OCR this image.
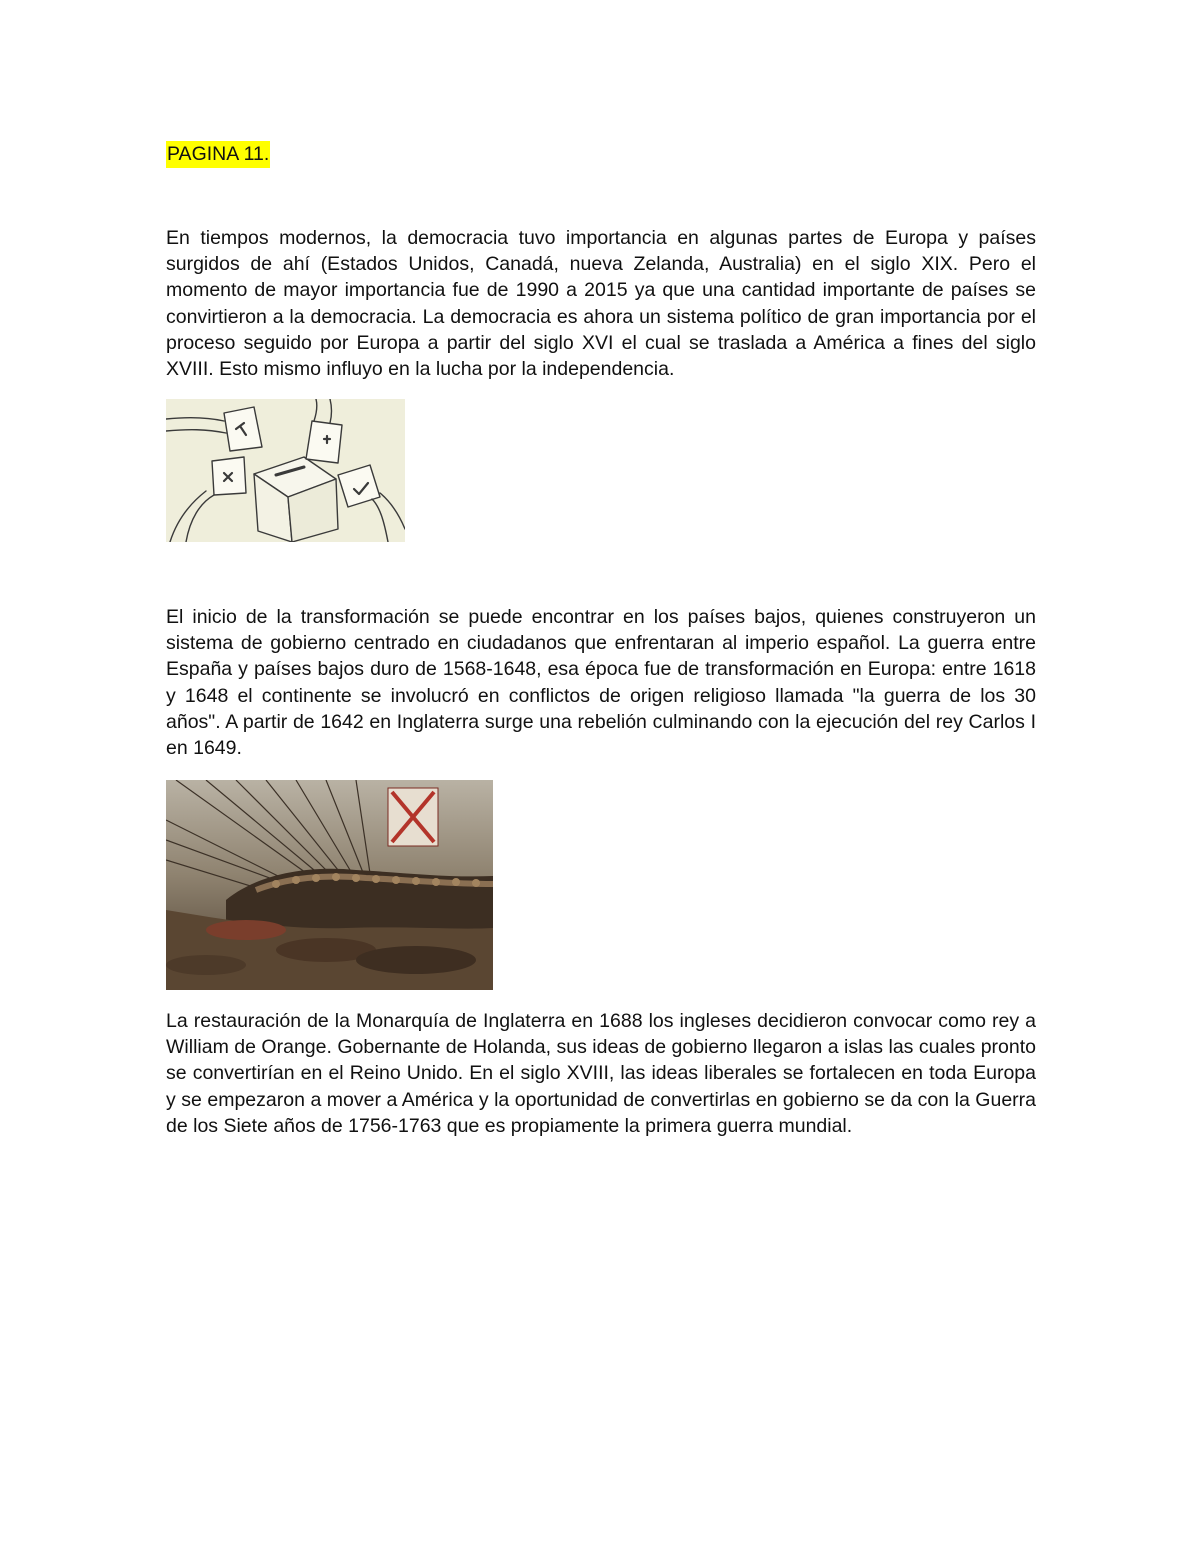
PAGINA 11.

En tiempos modernos, la democracia tuvo importancia en algunas partes de Europa y países surgidos de ahí (Estados Unidos, Canadá, nueva Zelanda, Australia) en el siglo XIX. Pero el momento de mayor importancia fue de 1990 a 2015 ya que una cantidad importante de países se convirtieron a la democracia. La democracia es ahora un sistema político de gran importancia por el proceso seguido por Europa a partir del siglo XVI el cual se traslada a América a fines del siglo XVIII. Esto mismo influyo en la lucha por la independencia.

El inicio de la transformación se puede encontrar en los países bajos, quienes construyeron un sistema de gobierno centrado en ciudadanos que enfrentaran al imperio español. La guerra entre España y países bajos duro de 1568-1648, esa época fue de transformación en Europa: entre 1618 y 1648 el continente se involucró en conflictos de origen religioso llamada "la guerra de los 30 años". A partir de 1642 en Inglaterra surge una rebelión culminando con la ejecución del rey Carlos I en 1649.

La restauración de la Monarquía de Inglaterra en 1688 los ingleses decidieron convocar como rey a William de Orange. Gobernante de Holanda, sus ideas de gobierno llegaron a islas las cuales pronto se convertirían en el Reino Unido. En el siglo XVIII, las ideas liberales se fortalecen en toda Europa y se empezaron a mover a América y la oportunidad de convertirlas en gobierno se da con la Guerra de los Siete años de 1756-1763 que es propiamente la primera guerra mundial.
